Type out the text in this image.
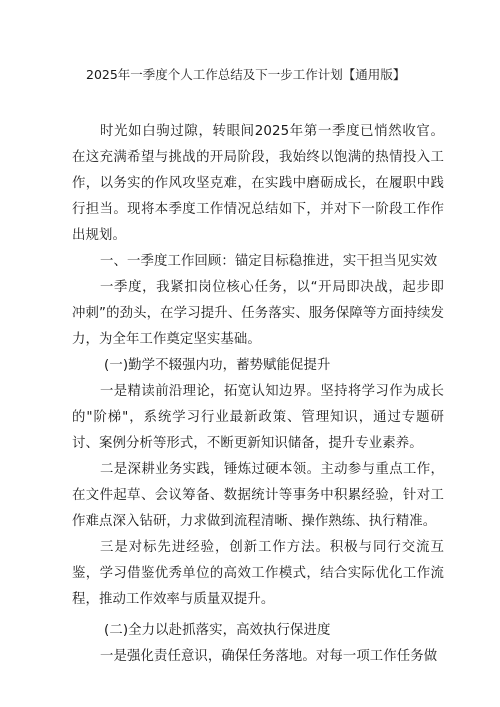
2025年一季度个人工作总结及下一步工作计划【通用版】

时光如白驹过隙，转眼间2025年第一季度已悄然收官。在这充满希望与挑战的开局阶段，我始终以饱满的热情投入工作，以务实的作风攻坚克难，在实践中磨砺成长，在履职中践行担当。现将本季度工作情况总结如下，并对下一阶段工作作出规划。

一、一季度工作回顾：锚定目标稳推进，实干担当见实效

一季度，我紧扣岗位核心任务，以“开局即决战，起步即冲刺”的劲头，在学习提升、任务落实、服务保障等方面持续发力，为全年工作奠定坚实基础。

(一)勤学不辍强内功，蓄势赋能促提升

一是精读前沿理论，拓宽认知边界。坚持将学习作为成长的"阶梯"，系统学习行业最新政策、管理知识，通过专题研讨、案例分析等形式，不断更新知识储备，提升专业素养。

二是深耕业务实践，锤炼过硬本领。主动参与重点工作，在文件起草、会议筹备、数据统计等事务中积累经验，针对工作难点深入钻研，力求做到流程清晰、操作熟练、执行精准。

三是对标先进经验，创新工作方法。积极与同行交流互鉴，学习借鉴优秀单位的高效工作模式，结合实际优化工作流程，推动工作效率与质量双提升。

(二)全力以赴抓落实，高效执行保进度

一是强化责任意识，确保任务落地。对每一项工作任务做
